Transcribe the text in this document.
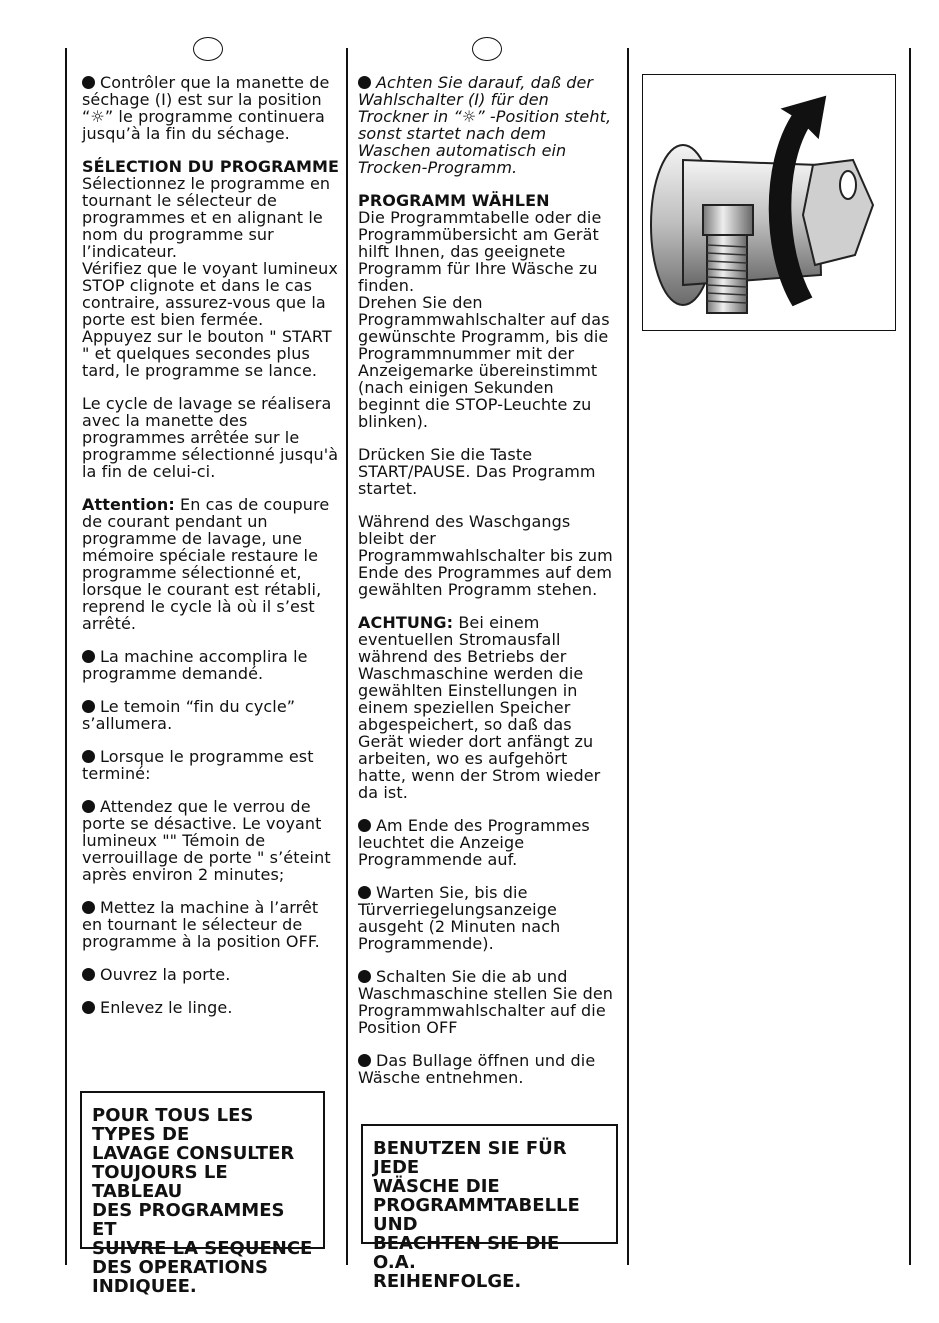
Contrôler que la manette de séchage (I) est sur la position “☼” le programme continuera jusqu’à la fin du séchage.

SÉLECTION DU PROGRAMME
Sélectionnez le programme en tournant le sélecteur de programmes et en alignant le nom du programme sur l’indicateur.
Vérifiez que le voyant lumineux STOP clignote et dans le cas contraire, assurez-vous que la porte est bien fermée.
Appuyez sur le bouton " START " et quelques secondes plus tard, le programme se lance.

Le cycle de lavage se réalisera avec la manette des programmes arrêtée sur le programme sélectionné jusqu'à la fin de celui-ci.

Attention: En cas de coupure de courant pendant un programme de lavage, une mémoire spéciale restaure le programme sélectionné et, lorsque le courant est rétabli, reprend le cycle là où il s’est arrêté.

La machine accomplira le programme demandé.

Le temoin “fin du cycle” s’allumera.

Lorsque le programme est terminé:

Attendez que le verrou de porte se désactive. Le voyant lumineux "" Témoin de verrouillage de porte " s’éteint après environ 2 minutes;

Mettez la machine à l’arrêt en tournant le sélecteur de programme à la position OFF.

Ouvrez la porte.

Enlevez le linge.

POUR TOUS LES TYPES DE
LAVAGE CONSULTER
TOUJOURS LE TABLEAU
DES PROGRAMMES ET
SUIVRE LA SEQUENCE
DES OPERATIONS
INDIQUEE.

Achten Sie darauf, daß der Wahlschalter (I) für den Trockner in “☼” -Position steht, sonst startet nach dem Waschen automatisch ein Trocken-Programm.

PROGRAMM WÄHLEN
Die Programmtabelle oder die Programmübersicht am Gerät hilft Ihnen, das geeignete Programm für Ihre Wäsche zu finden.
Drehen Sie den Programmwahlschalter auf das gewünschte Programm, bis die Programmnummer mit der Anzeigemarke übereinstimmt (nach einigen Sekunden beginnt die STOP-Leuchte zu blinken).

Drücken Sie die Taste START/PAUSE. Das Programm startet.

Während des Waschgangs bleibt der Programmwahlschalter bis zum Ende des Programmes auf dem gewählten Programm stehen.

ACHTUNG: Bei einem eventuellen Stromausfall während des Betriebs der Waschmaschine werden die gewählten Einstellungen in einem speziellen Speicher abgespeichert, so daß das Gerät wieder dort anfängt zu arbeiten, wo es aufgehört hatte, wenn der Strom wieder da ist.

Am Ende des Programmes leuchtet die Anzeige Programmende auf.

Warten Sie, bis die Türverriegelungsanzeige ausgeht (2 Minuten nach Programmende).

Schalten Sie die ab und Waschmaschine stellen Sie den Programmwahlschalter auf die Position OFF

Das Bullage öffnen und die Wäsche entnehmen.

BENUTZEN SIE FÜR JEDE
WÄSCHE DIE
PROGRAMMTABELLE UND
BEACHTEN SIE DIE O.A.
REIHENFOLGE.
